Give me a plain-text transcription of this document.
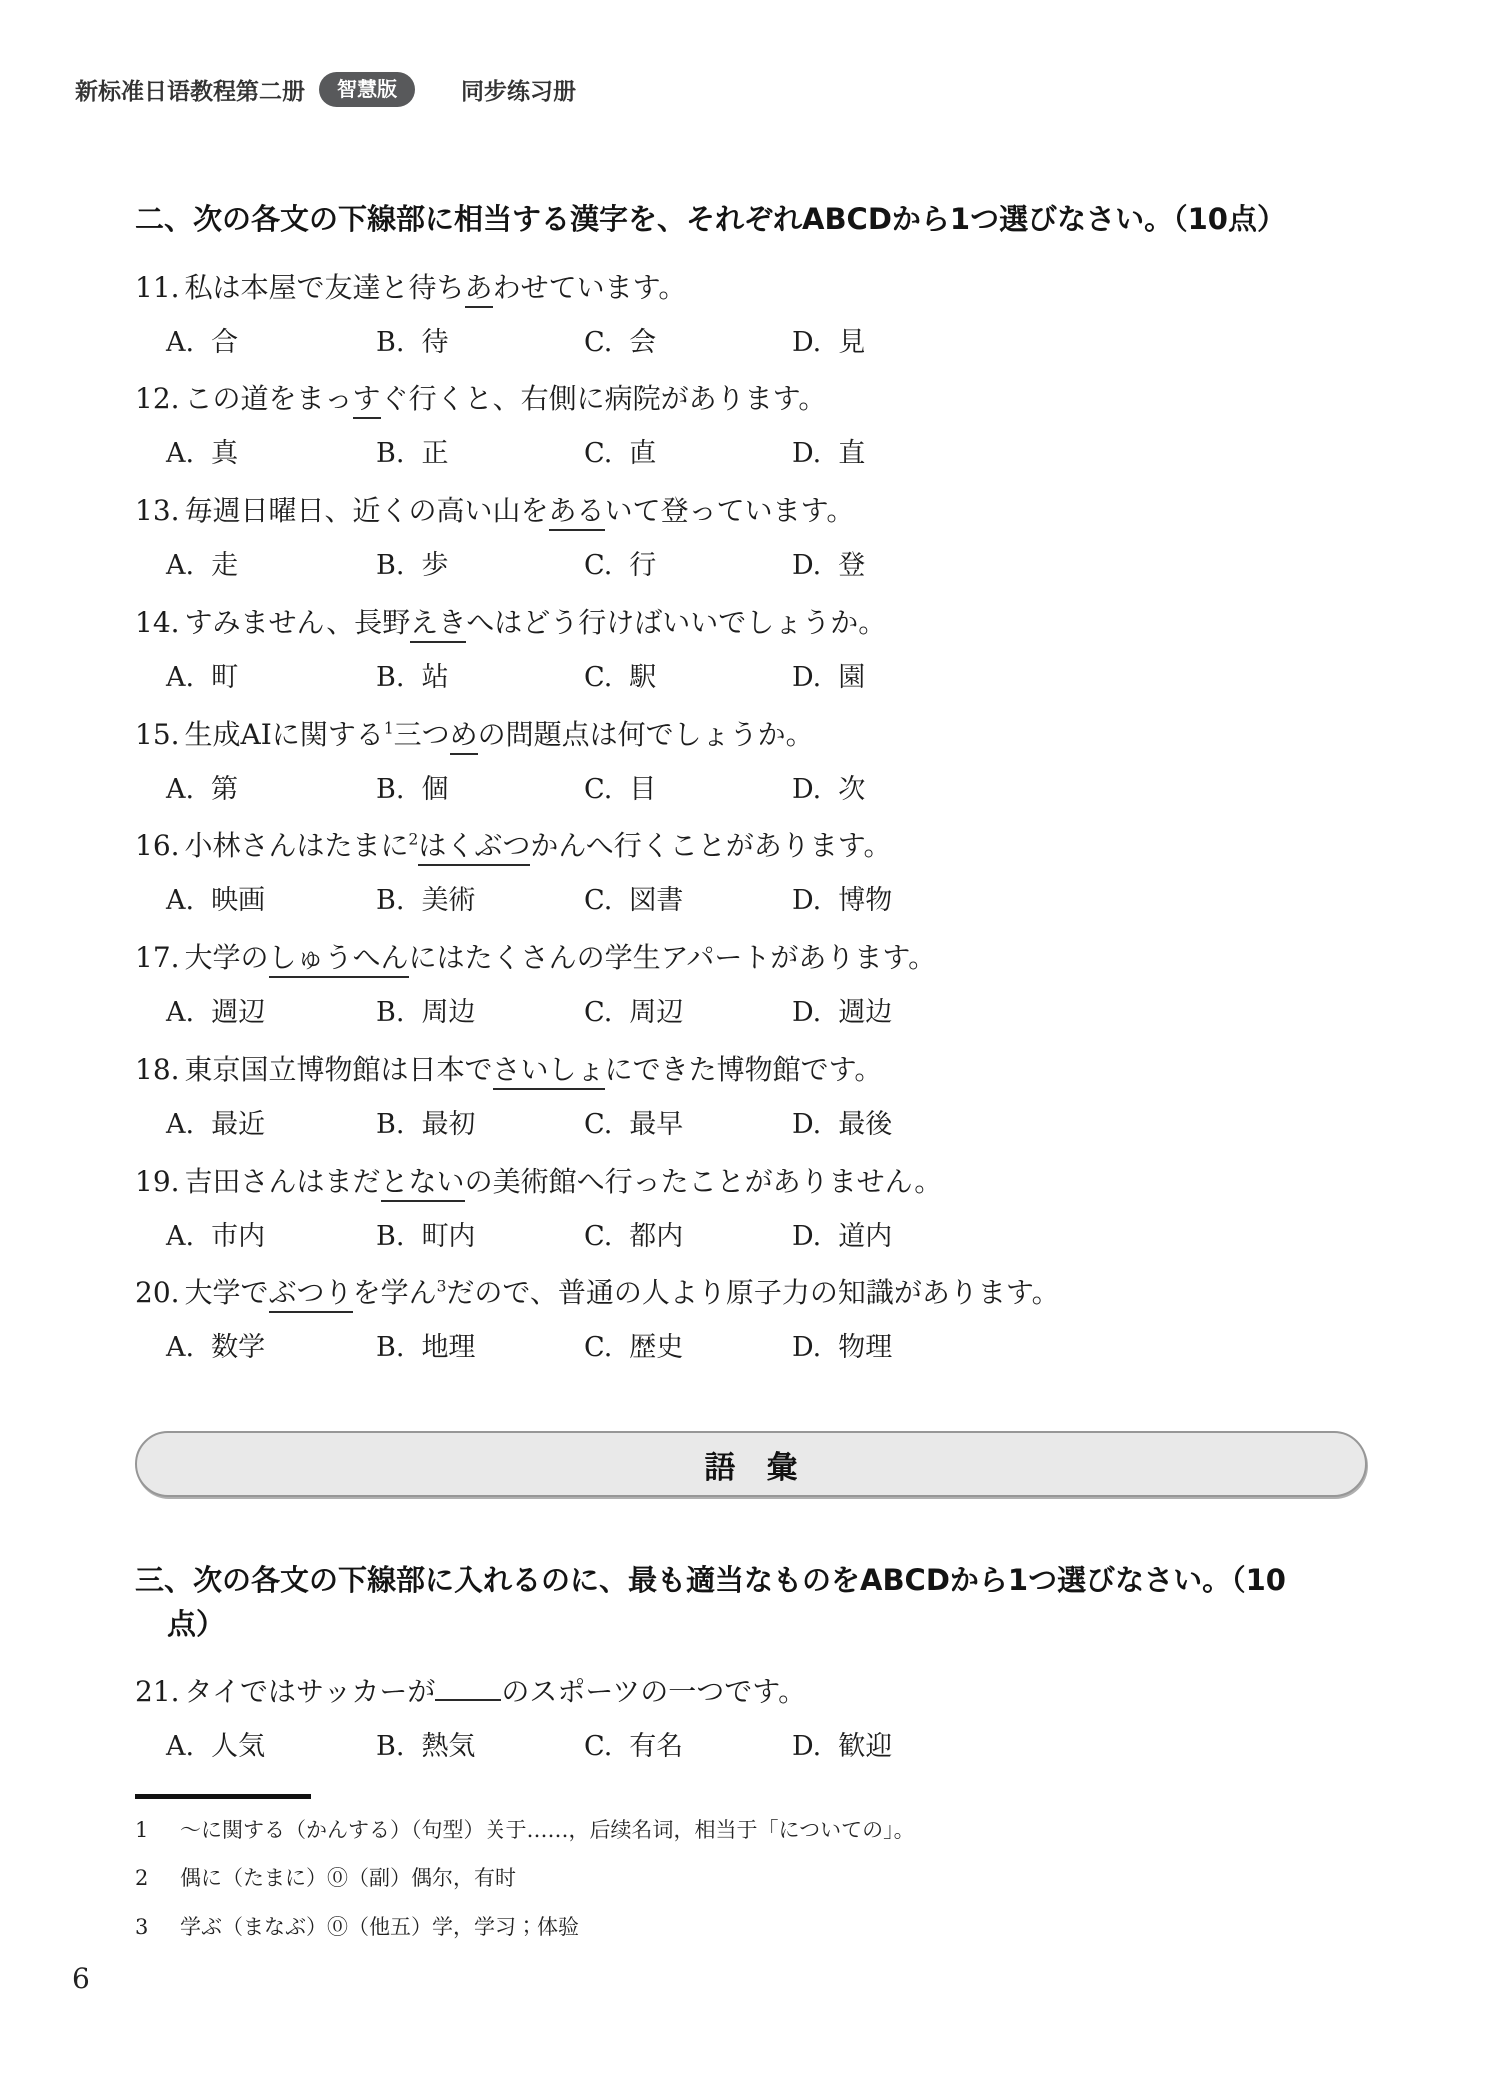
新标准日语教程第二册	智慧版	同步练习册
二、次の各文の下線部に相当する漢字を、それぞれABCDから1つ選びなさい。（10点）

11. 私は本屋で友達と待ちあわせています。

A. 合	B. 待	C. 会	D. 見

12. この道をまっすぐ行くと、右側に病院があります。

A. 真	B. 正	C. 直	D. 直

13. 毎週日曜日、近くの高い山をあるいて登っています。

A. 走	B. 歩	C. 行	D. 登

14. すみません、長野えきへはどう行けばいいでしょうか。

A. 町	B. 站	C. 駅	D. 園

15. 生成AIに関する$^1$三つめの問題点は何でしょうか。

A. 第	B. 個	C. 目	D. 次

16. 小林さんはたまに$^2$はくぶつかんへ行くことがあります。

A. 映画	B. 美術	C. 図書	D. 博物

17. 大学のしゅうへんにはたくさんの学生アパートがあります。

A. 週辺	B. 周边	C. 周辺	D. 週边

18. 東京国立博物館は日本でさいしょにできた博物館です。

A. 最近	B. 最初	C. 最早	D. 最後

19. 吉田さんはまだとないの美術館へ行ったことがありません。

A. 市内	B. 町内	C. 都内	D. 道内

20. 大学でぶつりを学ん$^3$だので、普通の人より原子力の知識があります。

A. 数学	B. 地理	C. 歴史	D. 物理
語　彙
三、次の各文の下線部に入れるのに、最も適当なものをABCDから1つ選びなさい。（10点）

21. タイではサッカーが のスポーツの一つです。

A. 人気	B. 熱気	C. 有名	D. 歓迎
1 ～に関する（かんする）（句型）关于……，后续名词，相当于「についての」。
2 偶に（たまに）⓪（副）偶尔，有时
3 学ぶ（まなぶ）⓪（他五）学，学习；体验
6
